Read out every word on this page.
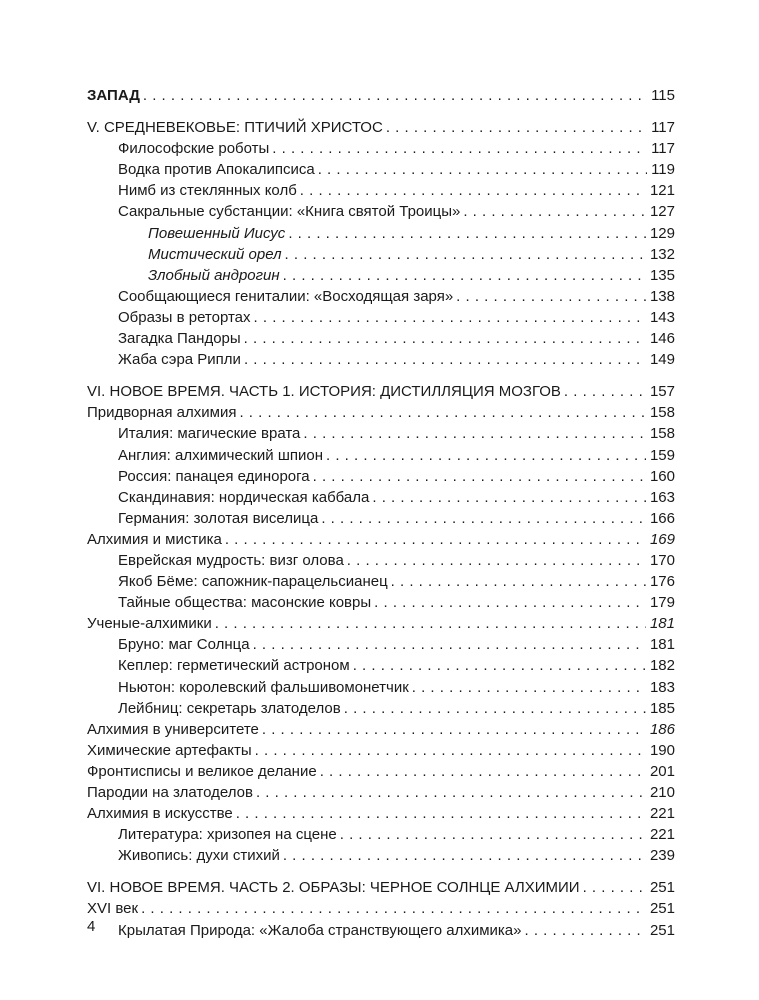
ЗАПАД . . .	115
V. СРЕДНЕВЕКОВЬЕ: ПТИЧИЙ ХРИСТОС . . .	117
Философские роботы . . .	117
Водка против Апокалипсиса . . .	119
Нимб из стеклянных колб . . .	121
Сакральные субстанции: «Книга святой Троицы» . . .	127
Повешенный Иисус . . .	129
Мистический орел . . .	132
Злобный андрогин . . .	135
Сообщающиеся гениталии: «Восходящая заря» . . .	138
Образы в ретортах . . .	143
Загадка Пандоры . . .	146
Жаба сэра Рипли . . .	149
VI. НОВОЕ ВРЕМЯ. ЧАСТЬ 1. ИСТОРИЯ: ДИСТИЛЛЯЦИЯ МОЗГОВ . . .	157
Придворная алхимия . . .	158
Италия: магические врата . . .	158
Англия: алхимический шпион . . .	159
Россия: панацея единорога . . .	160
Скандинавия: нордическая каббала . . .	163
Германия: золотая виселица . . .	166
Алхимия и мистика . . .	169
Еврейская мудрость: визг олова . . .	170
Якоб Бёме: сапожник-парацельсианец . . .	176
Тайные общества: масонские ковры . . .	179
Ученые-алхимики . . .	181
Бруно: маг Солнца . . .	181
Кеплер: герметический астроном . . .	182
Ньютон: королевский фальшивомонетчик . . .	183
Лейбниц: секретарь златоделов . . .	185
Алхимия в университете . . .	186
Химические артефакты . . .	190
Фронтисписы и великое делание . . .	201
Пародии на златоделов . . .	210
Алхимия в искусстве . . .	221
Литература: хризопея на сцене . . .	221
Живопись: духи стихий . . .	239
VI. НОВОЕ ВРЕМЯ. ЧАСТЬ 2. ОБРАЗЫ: ЧЕРНОЕ СОЛНЦЕ АЛХИМИИ . . .	251
XVI век . . .	251
Крылатая Природа: «Жалоба странствующего алхимика» . . .	251
4
